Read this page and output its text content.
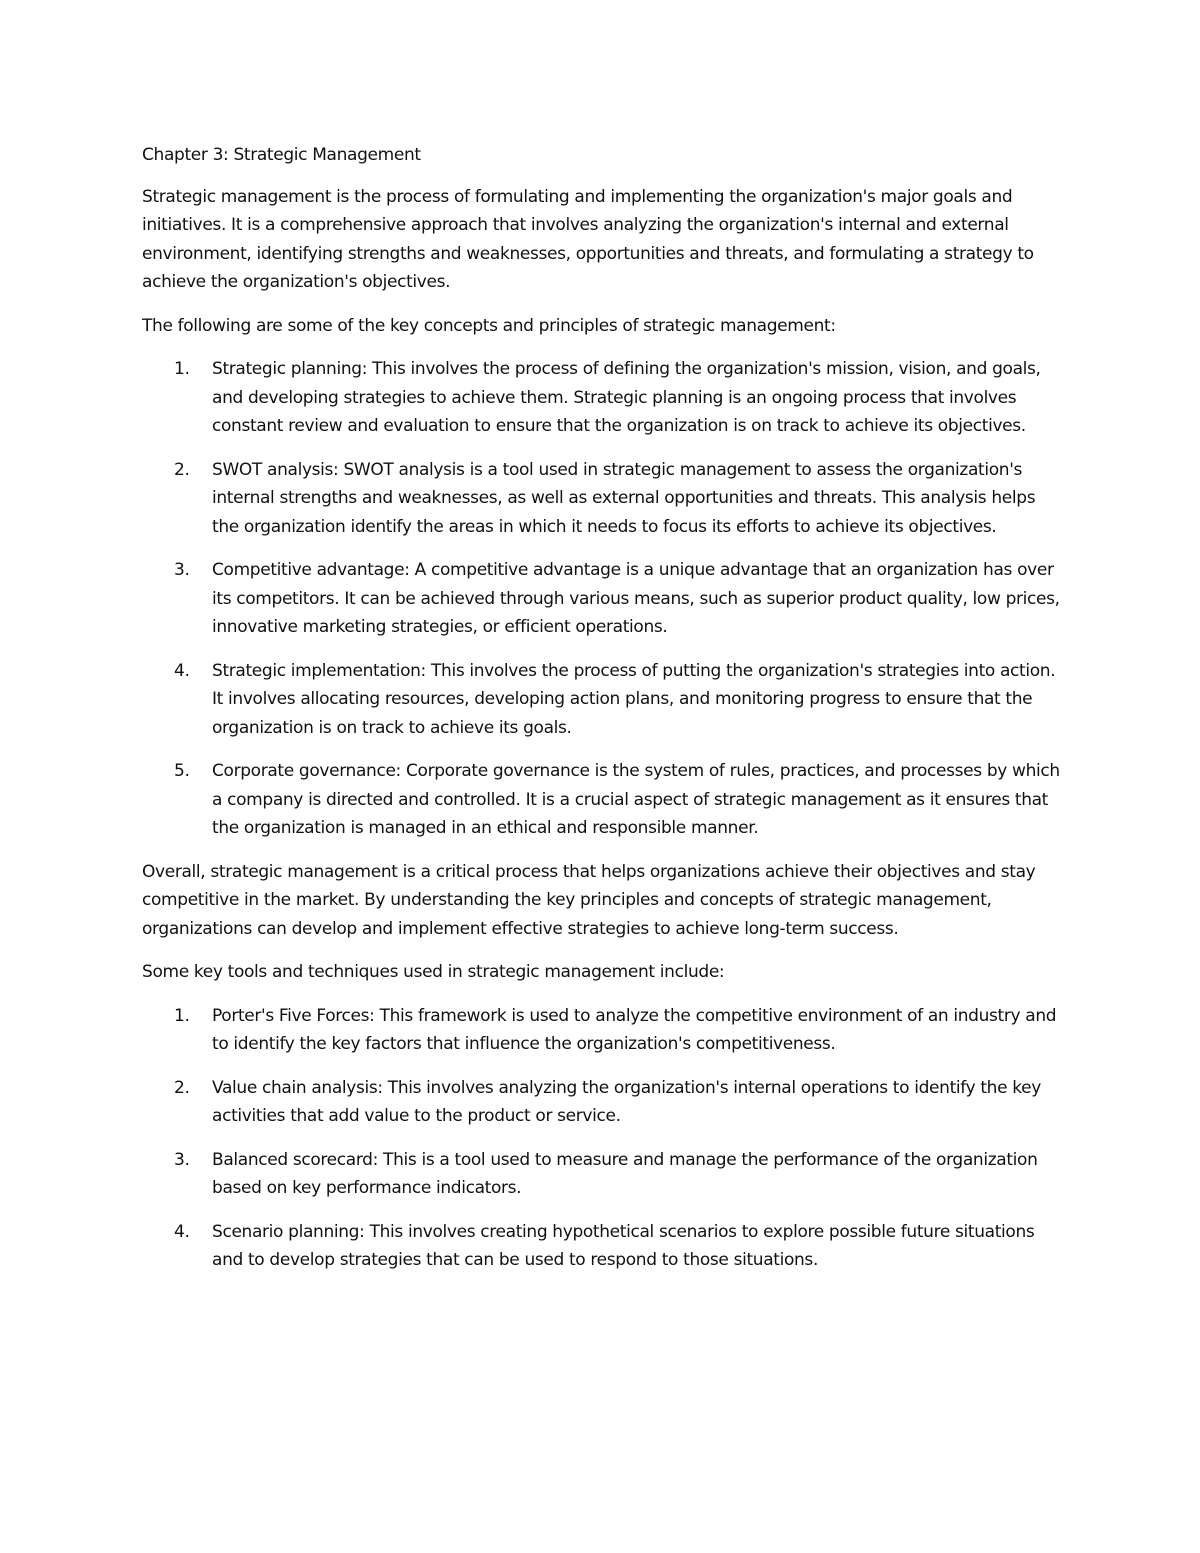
Chapter 3: Strategic Management

Strategic management is the process of formulating and implementing the organization's major goals and initiatives. It is a comprehensive approach that involves analyzing the organization's internal and external environment, identifying strengths and weaknesses, opportunities and threats, and formulating a strategy to achieve the organization's objectives.

The following are some of the key concepts and principles of strategic management:

1. Strategic planning: This involves the process of defining the organization's mission, vision, and goals, and developing strategies to achieve them. Strategic planning is an ongoing process that involves constant review and evaluation to ensure that the organization is on track to achieve its objectives.
2. SWOT analysis: SWOT analysis is a tool used in strategic management to assess the organization's internal strengths and weaknesses, as well as external opportunities and threats. This analysis helps the organization identify the areas in which it needs to focus its efforts to achieve its objectives.
3. Competitive advantage: A competitive advantage is a unique advantage that an organization has over its competitors. It can be achieved through various means, such as superior product quality, low prices, innovative marketing strategies, or efficient operations.
4. Strategic implementation: This involves the process of putting the organization's strategies into action. It involves allocating resources, developing action plans, and monitoring progress to ensure that the organization is on track to achieve its goals.
5. Corporate governance: Corporate governance is the system of rules, practices, and processes by which a company is directed and controlled. It is a crucial aspect of strategic management as it ensures that the organization is managed in an ethical and responsible manner.

Overall, strategic management is a critical process that helps organizations achieve their objectives and stay competitive in the market. By understanding the key principles and concepts of strategic management, organizations can develop and implement effective strategies to achieve long-term success.

Some key tools and techniques used in strategic management include:

1. Porter's Five Forces: This framework is used to analyze the competitive environment of an industry and to identify the key factors that influence the organization's competitiveness.
2. Value chain analysis: This involves analyzing the organization's internal operations to identify the key activities that add value to the product or service.
3. Balanced scorecard: This is a tool used to measure and manage the performance of the organization based on key performance indicators.
4. Scenario planning: This involves creating hypothetical scenarios to explore possible future situations and to develop strategies that can be used to respond to those situations.
